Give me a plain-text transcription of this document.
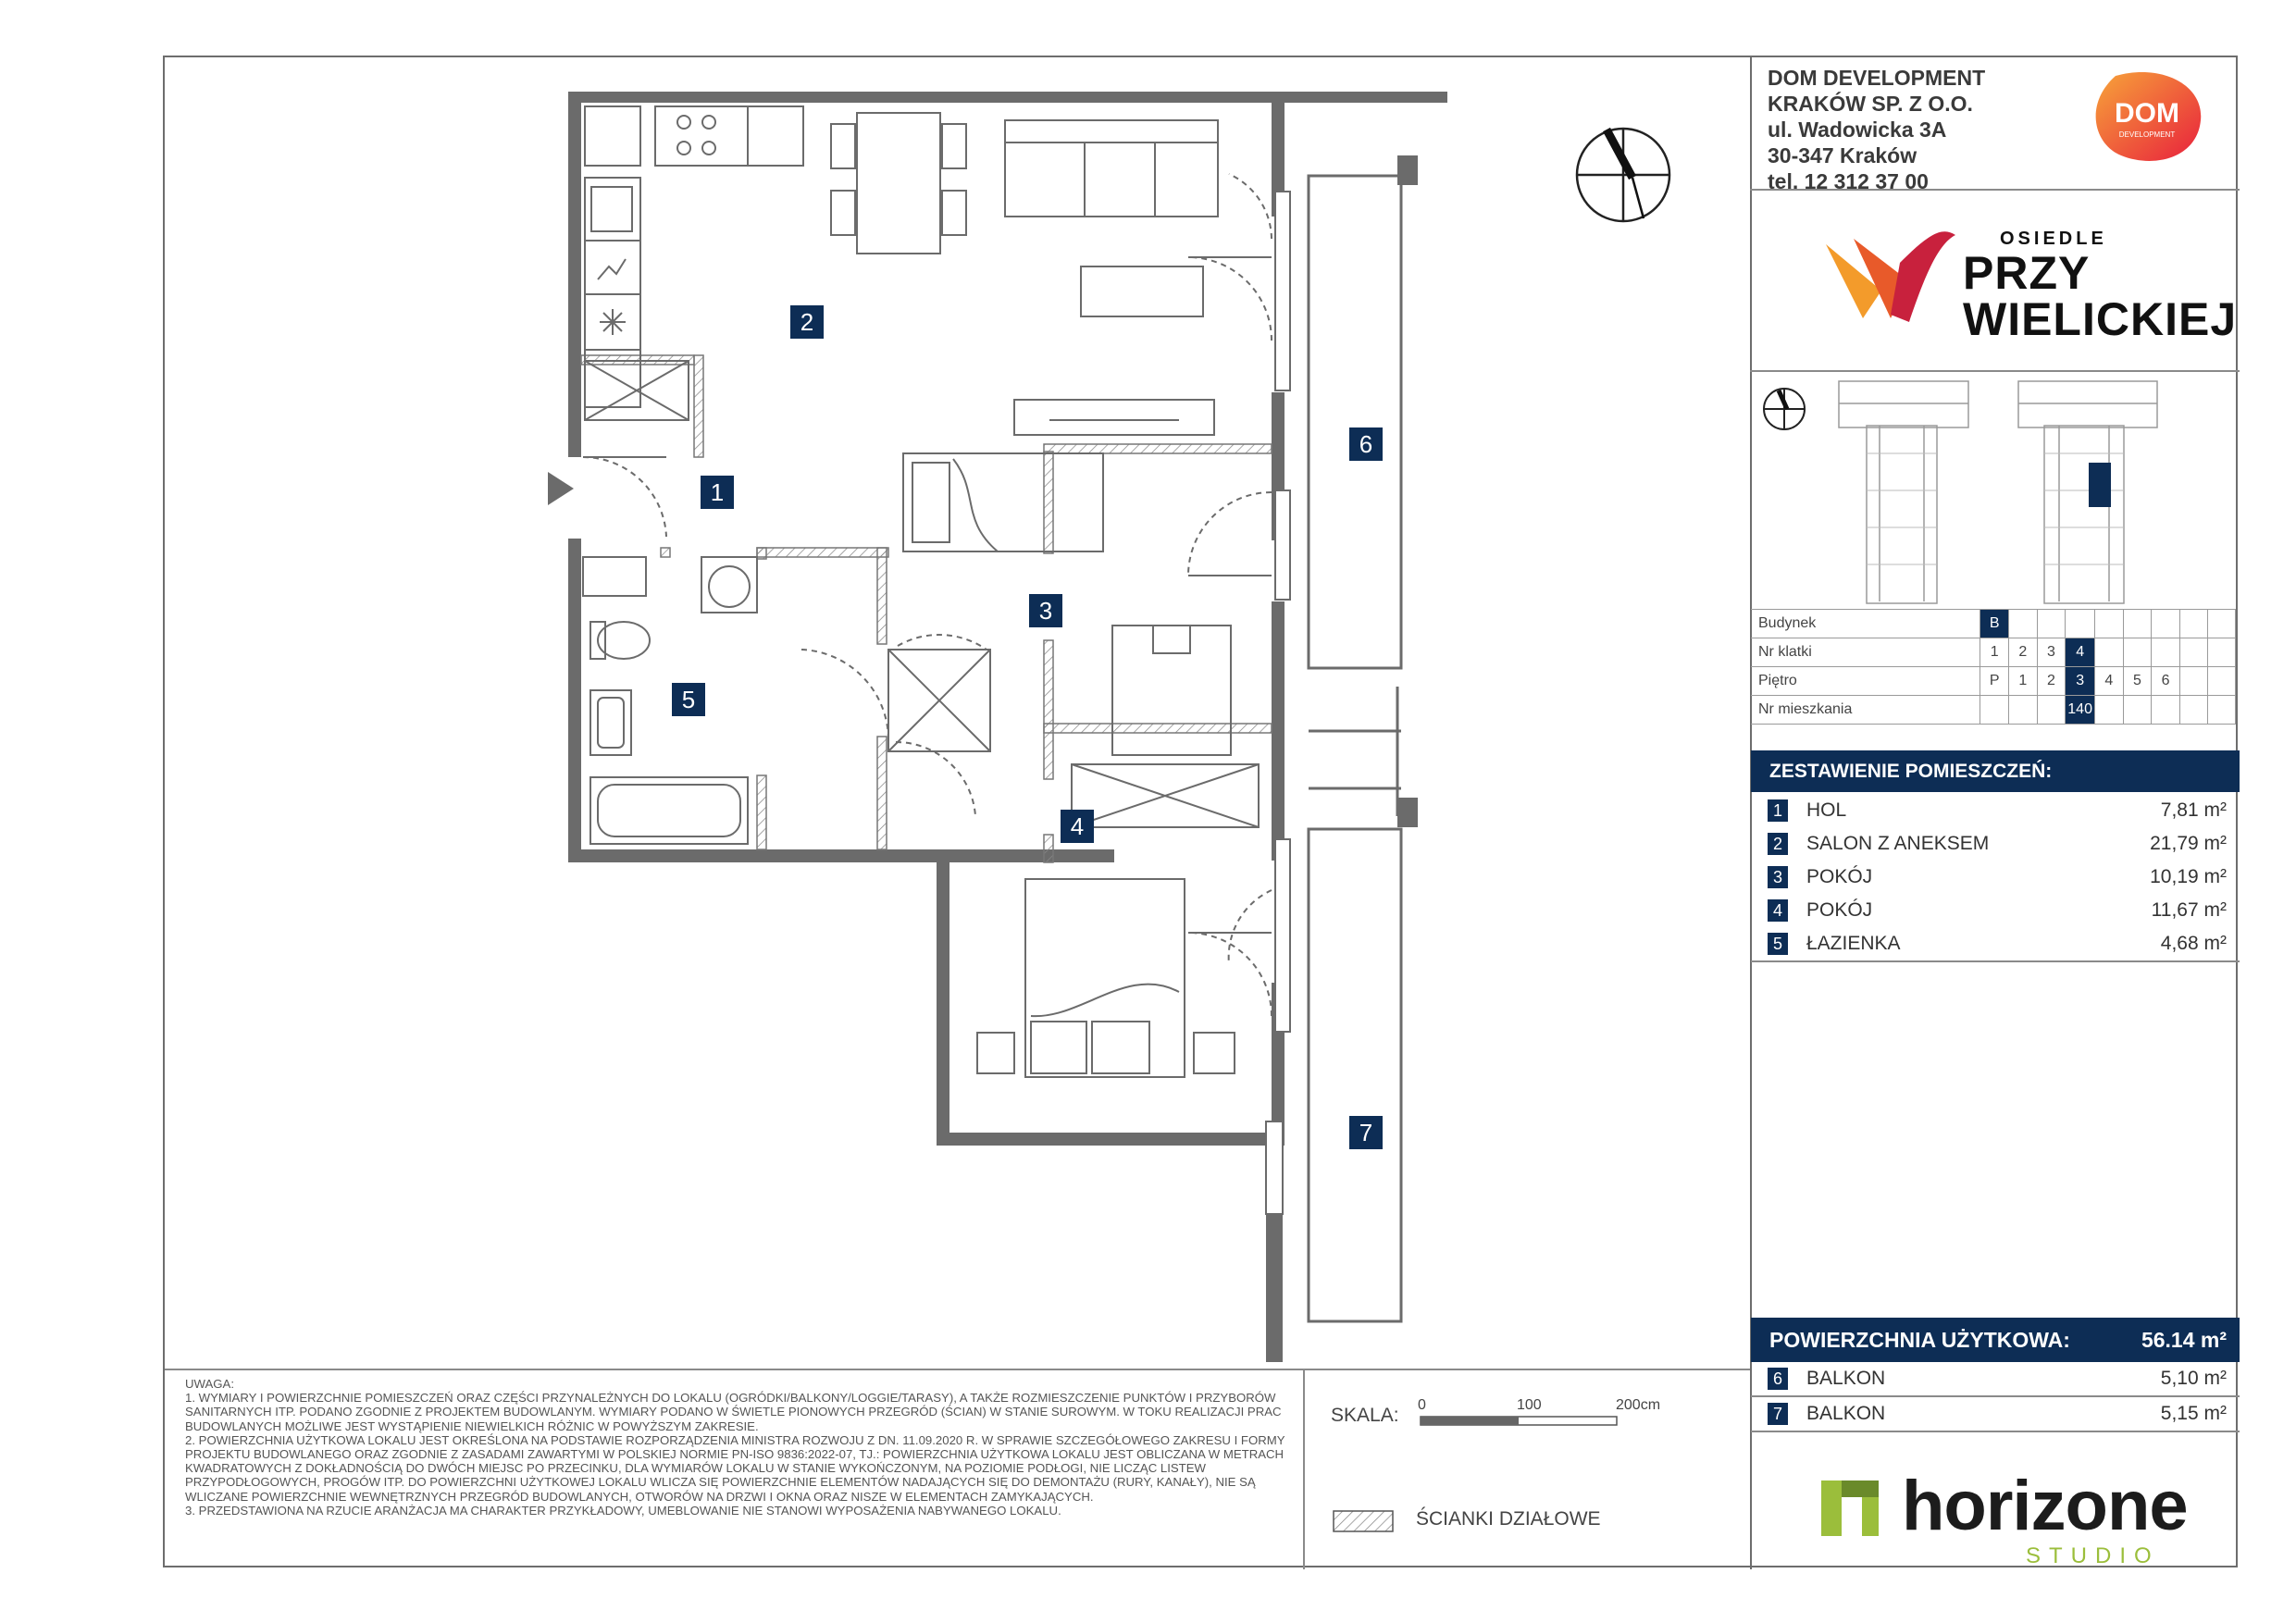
1
2
3
4
5
6
7

UWAGA:

1. WYMIARY I POWIERZCHNIE POMIESZCZEŃ ORAZ CZĘŚCI PRZYNALEŻNYCH DO LOKALU (OGRÓDKI/BALKONY/LOGGIE/TARASY), A TAKŻE ROZMIESZCZENIE PUNKTÓW I PRZYBORÓW

SANITARNYCH ITP. PODANO ZGODNIE Z PROJEKTEM BUDOWLANYM. WYMIARY PODANO W ŚWIETLE PIONOWYCH PRZEGRÓD (ŚCIAN) W STANIE SUROWYM. W TOKU REALIZACJI PRAC

BUDOWLANYCH MOŻLIWE JEST WYSTĄPIENIE NIEWIELKICH RÓŻNIC W POWYŻSZYM ZAKRESIE.

2. POWIERZCHNIA UŻYTKOWA LOKALU JEST OKREŚLONA NA PODSTAWIE ROZPORZĄDZENIA MINISTRA ROZWOJU Z DN. 11.09.2020 R. W SPRAWIE SZCZEGÓŁOWEGO ZAKRESU I FORMY

PROJEKTU BUDOWLANEGO ORAZ ZGODNIE Z ZASADAMI ZAWARTYMI W POLSKIEJ NORMIE PN-ISO 9836:2022-07, TJ.: POWIERZCHNIA UŻYTKOWA LOKALU JEST OBLICZANA W METRACH

KWADRATOWYCH Z DOKŁADNOŚCIĄ DO DWÓCH MIEJSC PO PRZECINKU, DLA WYMIARÓW LOKALU W STANIE WYKOŃCZONYM, NA POZIOMIE PODŁOGI, NIE LICZĄC LISTEW

PRZYPODŁOGOWYCH, PROGÓW ITP. DO POWIERZCHNI UŻYTKOWEJ LOKALU WLICZA SIĘ POWIERZCHNIE ELEMENTÓW NADAJĄCYCH SIĘ DO DEMONTAŻU (RURY, KANAŁY), NIE SĄ

WLICZANE POWIERZCHNIE WEWNĘTRZNYCH PRZEGRÓD BUDOWLANYCH, OTWORÓW NA DRZWI I OKNA ORAZ NISZE W ELEMENTACH ZAMYKAJĄCYCH.

3. PRZEDSTAWIONA NA RZUCIE ARANŻACJA MA CHARAKTER PRZYKŁADOWY, UMEBLOWANIE NIE STANOWI WYPOSAŻENIA NABYWANEGO LOKALU.

SKALA: 0	100	200cm
ŚCIANKI DZIAŁOWE
DOM DEVELOPMENT
KRAKÓW SP. Z O.O.
ul. Wadowicka 3A
30-347 Kraków
tel. 12 312 37 00
DOM
DEVELOPMENT
OSIEDLE
PRZY
WIELICKIEJ
Budynek	B								
Nr klatki	1	2	3	4					
Piętro	P	1	2	3	4	5	6		
Nr mieszkania				140					
ZESTAWIENIE POMIESZCZEŃ:
1 HOL	7,81 m²
2 SALON Z ANEKSEM	21,79 m²
3 POKÓJ	10,19 m²
4 POKÓJ	11,67 m²
5 ŁAZIENKA	4,68 m²
POWIERZCHNIA UŻYTKOWA:	56.14 m²
6 BALKON	5,10 m²
7 BALKON	5,15 m²
horizone
STUDIO
